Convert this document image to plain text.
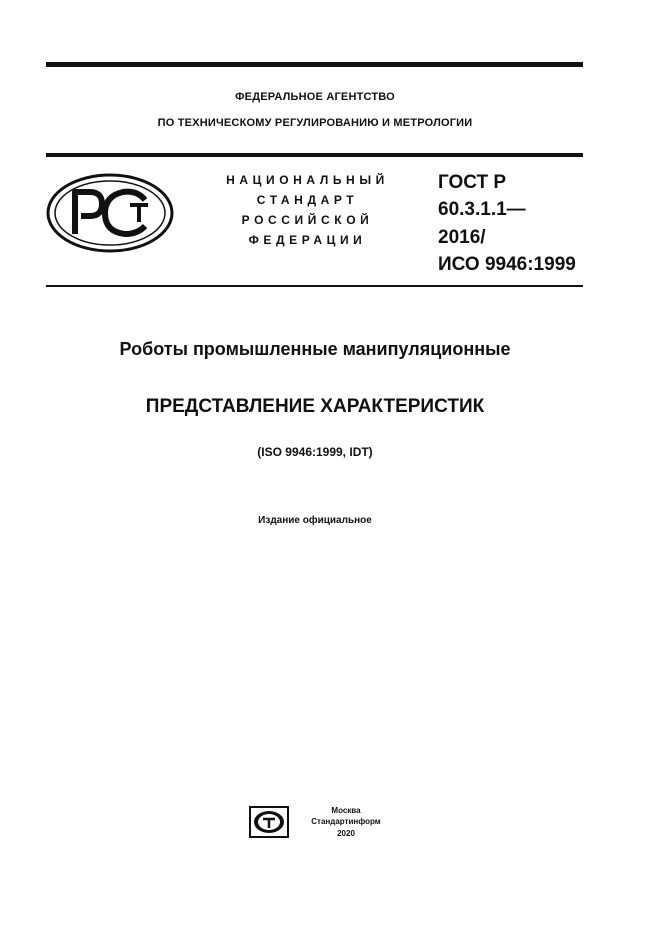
ФЕДЕРАЛЬНОЕ АГЕНТСТВО
ПО ТЕХНИЧЕСКОМУ РЕГУЛИРОВАНИЮ И МЕТРОЛОГИИ
НАЦИОНАЛЬНЫЙ
СТАНДАРТ
РОССИЙСКОЙ
ФЕДЕРАЦИИ
ГОСТ Р
60.3.1.1—
2016/
ИСО 9946:1999
Роботы промышленные манипуляционные
ПРЕДСТАВЛЕНИЕ ХАРАКТЕРИСТИК
(ISO 9946:1999, IDT)
Издание официальное
Москва
Стандартинформ
2020
